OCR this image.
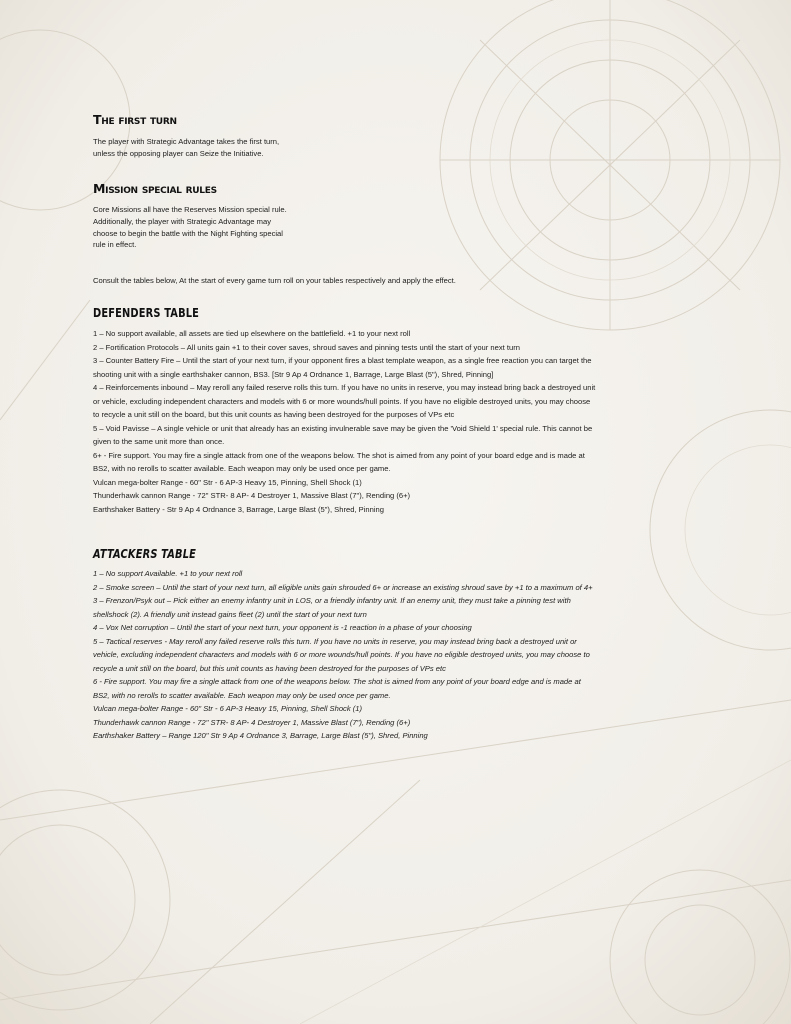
The first turn

The player with Strategic Advantage takes the first turn,
unless the opposing player can Seize the Initiative.

Mission special rules

Core Missions all have the Reserves Mission special rule.
Additionally, the player with Strategic Advantage may
choose to begin the battle with the Night Fighting special
rule in effect.

Consult the tables below, At the start of every game turn roll on your tables respectively and apply the effect.

DEFENDERS TABLE
1 – No support available, all assets are tied up elsewhere on the battlefield. +1 to your next roll
2 – Fortification Protocols – All units gain +1 to their cover saves, shroud saves and pinning tests until the start of your next turn
3 – Counter Battery Fire – Until the start of your next turn, if your opponent fires a blast template weapon, as a single free reaction you can target the
shooting unit with a single earthshaker cannon, BS3. [Str 9 Ap 4 Ordnance 1, Barrage, Large Blast (5"), Shred, Pinning]
4 – Reinforcements inbound – May reroll any failed reserve rolls this turn. If you have no units in reserve, you may instead bring back a destroyed unit
or vehicle, excluding independent characters and models with 6 or more wounds/hull points. If you have no eligible destroyed units, you may choose
to recycle a unit still on the board, but this unit counts as having been destroyed for the purposes of VPs etc
5 – Void Pavisse – A single vehicle or unit that already has an existing invulnerable save may be given the 'Void Shield 1' special rule. This cannot be
given to the same unit more than once.
6+ - Fire support. You may fire a single attack from one of the weapons below. The shot is aimed from any point of your board edge and is made at
BS2, with no rerolls to scatter available. Each weapon may only be used once per game.
Vulcan mega-bolter Range - 60" Str - 6 AP-3 Heavy 15, Pinning, Shell Shock (1)
Thunderhawk cannon Range - 72" STR- 8 AP- 4 Destroyer 1, Massive Blast (7"), Rending (6+)
Earthshaker Battery - Str 9 Ap 4 Ordnance 3, Barrage, Large Blast (5"), Shred, Pinning
ATTACKERS TABLE
1 – No support Available. +1 to your next roll
2 – Smoke screen – Until the start of your next turn, all eligible units gain shrouded 6+ or increase an existing shroud save by +1 to a maximum of 4+
3 – Frenzon/Psyk out – Pick either an enemy infantry unit in LOS, or a friendly infantry unit. If an enemy unit, they must take a pinning test with
shellshock (2). A friendly unit instead gains fleet (2) until the start of your next turn
4 – Vox Net corruption – Until the start of your next turn, your opponent is -1 reaction in a phase of your choosing
5 – Tactical reserves - May reroll any failed reserve rolls this turn. If you have no units in reserve, you may instead bring back a destroyed unit or
vehicle, excluding independent characters and models with 6 or more wounds/hull points. If you have no eligible destroyed units, you may choose to
recycle a unit still on the board, but this unit counts as having been destroyed for the purposes of VPs etc
6 - Fire support. You may fire a single attack from one of the weapons below. The shot is aimed from any point of your board edge and is made at
BS2, with no rerolls to scatter available. Each weapon may only be used once per game.
Vulcan mega-bolter Range - 60" Str - 6 AP-3 Heavy 15, Pinning, Shell Shock (1)
Thunderhawk cannon Range - 72" STR- 8 AP- 4 Destroyer 1, Massive Blast (7"), Rending (6+)
Earthshaker Battery – Range 120" Str 9 Ap 4 Ordnance 3, Barrage, Large Blast (5"), Shred, Pinning
